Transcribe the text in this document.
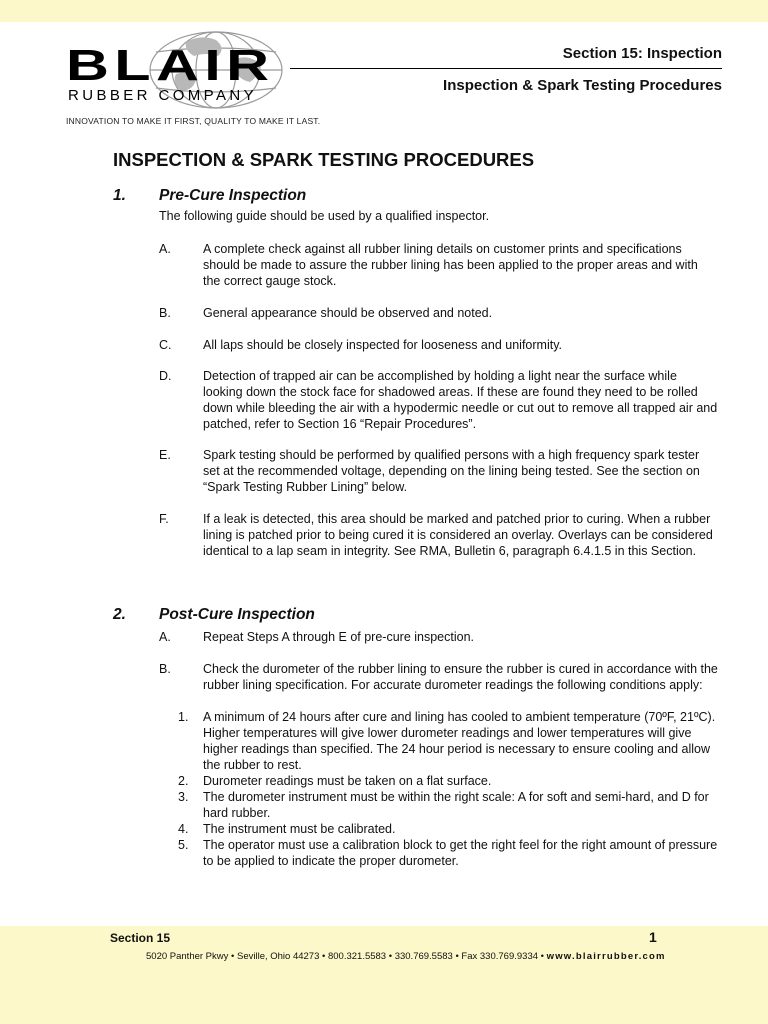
BLAIR
RUBBER COMPANY
INNOVATION TO MAKE IT FIRST, QUALITY TO MAKE IT LAST.
Section 15: Inspection
Inspection & Spark Testing Procedures
INSPECTION & SPARK TESTING PROCEDURES
1. Pre-Cure Inspection
The following guide should be used by a qualified inspector.
A.	A complete check against all rubber lining details on customer prints and specifications should be made to assure the rubber lining has been applied to the proper areas and with the correct gauge stock.
B.	General appearance should be observed and noted.
C.	All laps should be closely inspected for looseness and uniformity.
D.	Detection of trapped air can be accomplished by holding a light near the surface while looking down the stock face for shadowed areas. If these are found they need to be rolled down while bleeding the air with a hypodermic needle or cut out to remove all trapped air and patched, refer to Section 16 “Repair Procedures”.
E.	Spark testing should be performed by qualified persons with a high frequency spark tester set at the recommended voltage, depending on the lining being tested. See the section on “Spark Testing Rubber Lining” below.
F.	If a leak is detected, this area should be marked and patched prior to curing. When a rubber lining is patched prior to being cured it is considered an overlay. Overlays can be considered identical to a lap seam in integrity. See RMA, Bulletin 6, paragraph 6.4.1.5 in this Section.
2. Post-Cure Inspection
A.	Repeat Steps A through E of pre-cure inspection.
B.	Check the durometer of the rubber lining to ensure the rubber is cured in accordance with the rubber lining specification. For accurate durometer readings the following conditions apply:
1. A minimum of 24 hours after cure and lining has cooled to ambient temperature (70ºF, 21ºC). Higher temperatures will give lower durometer readings and lower temperatures will give higher readings than specified. The 24 hour period is necessary to ensure cooling and allow the rubber to rest.
2. Durometer readings must be taken on a flat surface.
3. The durometer instrument must be within the right scale: A for soft and semi-hard, and D for hard rubber.
4. The instrument must be calibrated.
5. The operator must use a calibration block to get the right feel for the right amount of pressure to be applied to indicate the proper durometer.
Section 15	1
5020 Panther Pkwy • Seville, Ohio 44273 • 800.321.5583 • 330.769.5583 • Fax 330.769.9334 • www.blairrubber.com
